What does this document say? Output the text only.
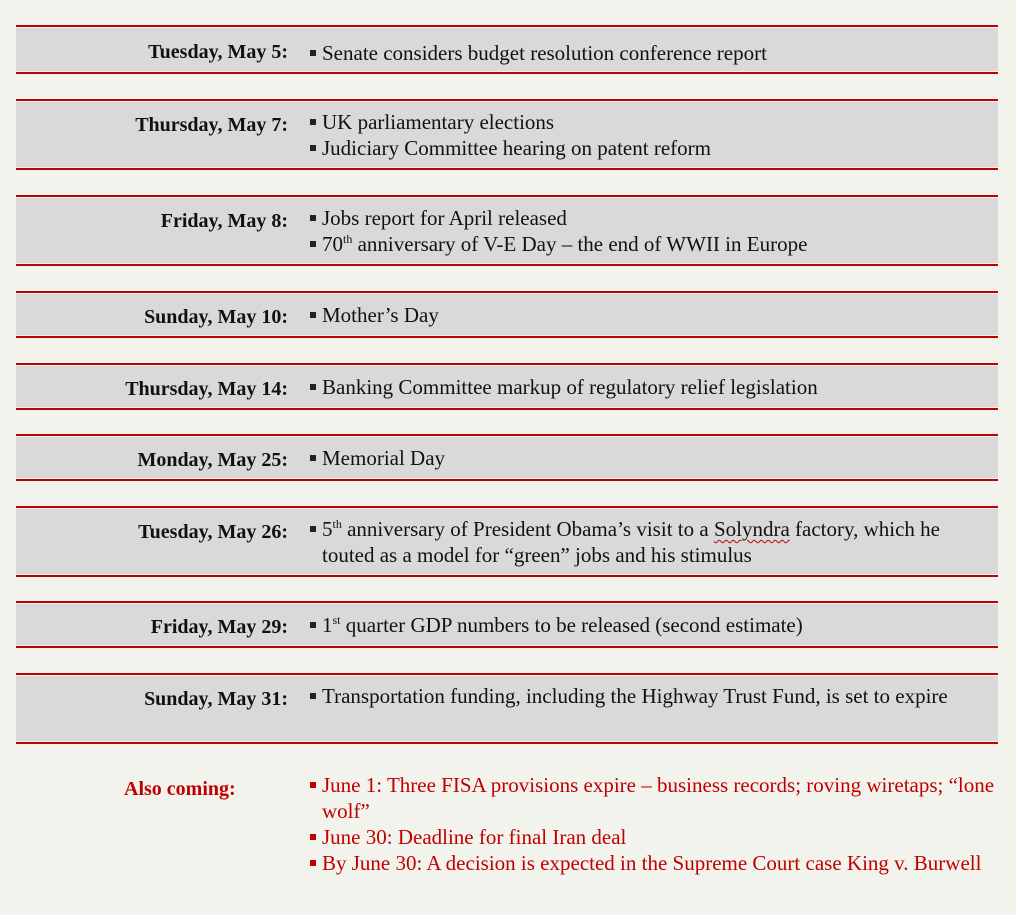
Tuesday, May 5:	Senate considers budget resolution conference report
Thursday, May 7:	UK parliamentary elections
Judiciary Committee hearing on patent reform
Friday, May 8:	Jobs report for April released
70th anniversary of V-E Day – the end of WWII in Europe
Sunday, May 10:	Mother’s Day
Thursday, May 14:	Banking Committee markup of regulatory relief legislation
Monday, May 25:	Memorial Day
Tuesday, May 26:	5th anniversary of President Obama’s visit to a Solyndra factory, which he touted as a model for “green” jobs and his stimulus
Friday, May 29:	1st quarter GDP numbers to be released (second estimate)
Sunday, May 31:	Transportation funding, including the Highway Trust Fund, is set to expire
Also coming:	June 1: Three FISA provisions expire – business records; roving wiretaps; “lone wolf”
June 30: Deadline for final Iran deal
By June 30: A decision is expected in the Supreme Court case King v. Burwell
